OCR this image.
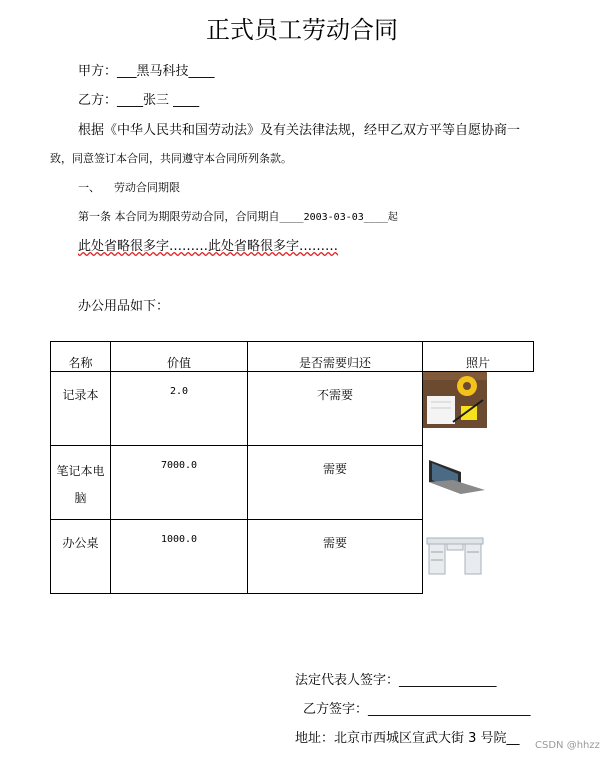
正式员工劳动合同
甲方：___黑马科技____
乙方：____张三 ____
根据《中华人民共和国劳动法》及有关法律法规，经甲乙双方平等自愿协商一
致，同意签订本合同，共同遵守本合同所列条款。
一、 劳动合同期限
第一条 本合同为期限劳动合同，合同期自____2003-03-03____起
此处省略很多字………此处省略很多字………
办公用品如下：
名称	价值	是否需要归还	照片

记录本	2.0	不需要

笔记本电
脑	7000.0	需要

办公桌	1000.0	需要

法定代表人签字：_______________
乙方签字：_________________________
地址：北京市西城区宣武大街 3 号院__ CSDN @hhzz
